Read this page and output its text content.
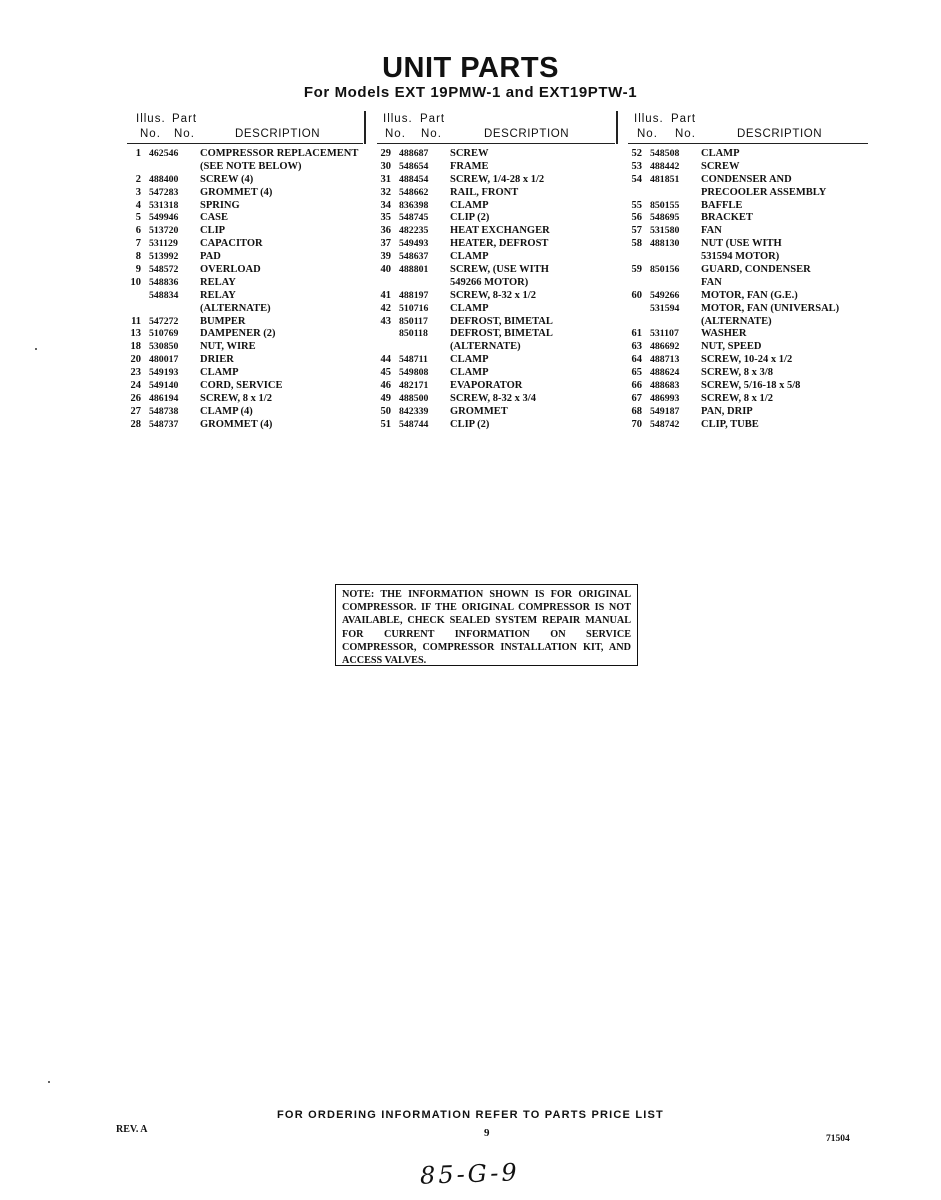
UNIT PARTS
For Models EXT 19PMW-1 and EXT19PTW-1
Illus. Part
No. No.	DESCRIPTION
1 462546 COMPRESSOR REPLACEMENT
(SEE NOTE BELOW)
2 488400 SCREW (4)
3 547283 GROMMET (4)
4 531318 SPRING
5 549946 CASE
6 513720 CLIP
7 531129 CAPACITOR
8 513992 PAD
9 548572 OVERLOAD
10 548836 RELAY
548834 RELAY
(ALTERNATE)
11 547272 BUMPER
13 510769 DAMPENER (2)
18 530850 NUT, WIRE
20 480017 DRIER
23 549193 CLAMP
24 549140 CORD, SERVICE
26 486194 SCREW, 8 x 1/2
27 548738 CLAMP (4)
28 548737 GROMMET (4)
Illus. Part
No. No.	DESCRIPTION
29 488687 SCREW
30 548654 FRAME
31 488454 SCREW, 1/4-28 x 1/2
32 548662 RAIL, FRONT
34 836398 CLAMP
35 548745 CLIP (2)
36 482235 HEAT EXCHANGER
37 549493 HEATER, DEFROST
39 548637 CLAMP
40 488801 SCREW, (USE WITH
549266 MOTOR)
41 488197 SCREW, 8-32 x 1/2
42 510716 CLAMP
43 850117 DEFROST, BIMETAL
850118 DEFROST, BIMETAL
(ALTERNATE)
44 548711 CLAMP
45 549808 CLAMP
46 482171 EVAPORATOR
49 488500 SCREW, 8-32 x 3/4
50 842339 GROMMET
51 548744 CLIP (2)
Illus. Part
No. No.	DESCRIPTION
52 548508 CLAMP
53 488442 SCREW
54 481851 CONDENSER AND
PRECOOLER ASSEMBLY
55 850155 BAFFLE
56 548695 BRACKET
57 531580 FAN
58 488130 NUT (USE WITH
531594 MOTOR)
59 850156 GUARD, CONDENSER
FAN
60 549266 MOTOR, FAN (G.E.)
531594 MOTOR, FAN (UNIVERSAL)
(ALTERNATE)
61 531107 WASHER
63 486692 NUT, SPEED
64 488713 SCREW, 10-24 x 1/2
65 488624 SCREW, 8 x 3/8
66 488683 SCREW, 5/16-18 x 5/8
67 486993 SCREW, 8 x 1/2
68 549187 PAN, DRIP
70 548742 CLIP, TUBE
NOTE: THE INFORMATION SHOWN IS FOR ORIGINAL COMPRESSOR. IF THE ORIGINAL COMPRESSOR IS NOT AVAILABLE, CHECK SEALED SYSTEM REPAIR MANUAL FOR CURRENT INFORMATION ON SERVICE COMPRESSOR, COMPRESSOR INSTALLATION KIT, AND ACCESS VALVES.
FOR ORDERING INFORMATION REFER TO PARTS PRICE LIST
REV. A	9	71504
85-G-9
